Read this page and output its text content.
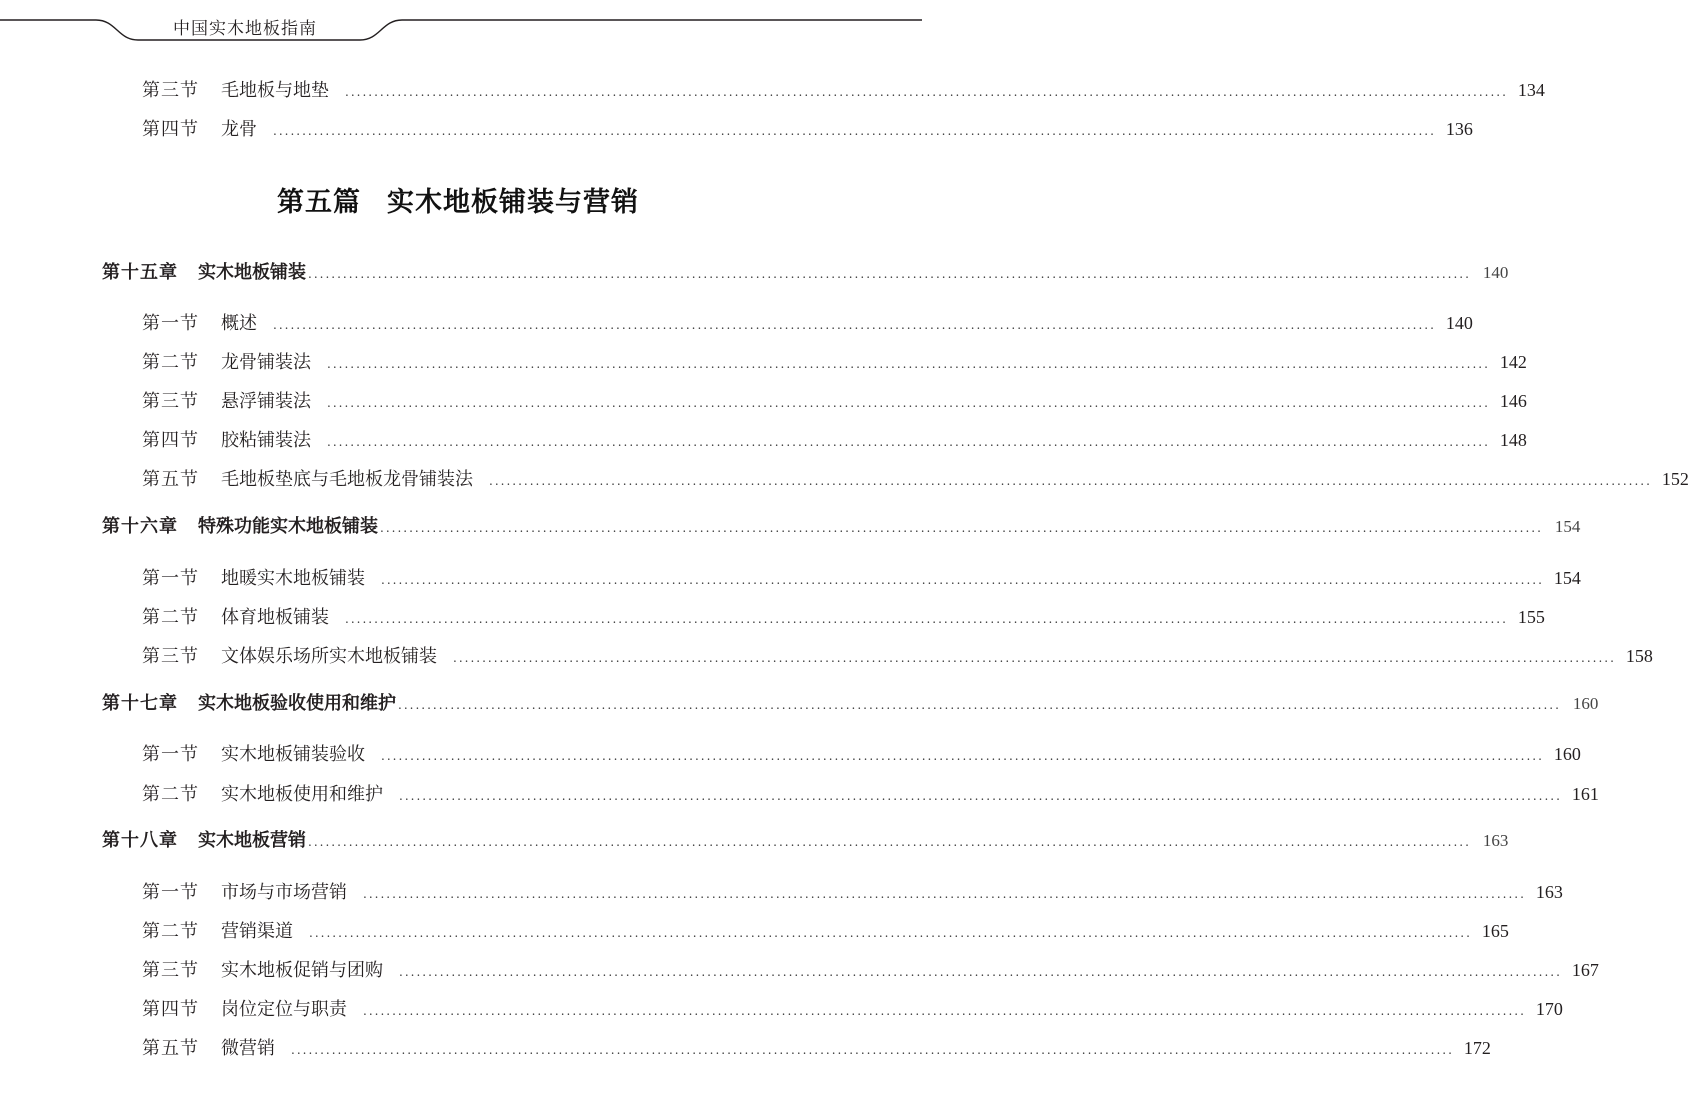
中国实木地板指南
第三节	毛地板与地垫 ........................................................................................................................................................................................................ 134
第四节	龙骨 ........................................................................................................................................................................................................ 136
第五篇 实木地板铺装与营销
第十五章 实木地板铺装 ........................................................................................................................................................................................................ 140
第一节	概述 ........................................................................................................................................................................................................ 140
第二节	龙骨铺装法 ........................................................................................................................................................................................................ 142
第三节	悬浮铺装法 ........................................................................................................................................................................................................ 146
第四节	胶粘铺装法 ........................................................................................................................................................................................................ 148
第五节	毛地板垫底与毛地板龙骨铺装法 ........................................................................................................................................................................................................ 152
第十六章 特殊功能实木地板铺装 ........................................................................................................................................................................................................ 154
第一节	地暖实木地板铺装 ........................................................................................................................................................................................................ 154
第二节	体育地板铺装 ........................................................................................................................................................................................................ 155
第三节	文体娱乐场所实木地板铺装 ........................................................................................................................................................................................................ 158
第十七章 实木地板验收使用和维护 ........................................................................................................................................................................................................ 160
第一节	实木地板铺装验收 ........................................................................................................................................................................................................ 160
第二节	实木地板使用和维护 ........................................................................................................................................................................................................ 161
第十八章 实木地板营销 ........................................................................................................................................................................................................ 163
第一节	市场与市场营销 ........................................................................................................................................................................................................ 163
第二节	营销渠道 ........................................................................................................................................................................................................ 165
第三节	实木地板促销与团购 ........................................................................................................................................................................................................ 167
第四节	岗位定位与职责 ........................................................................................................................................................................................................ 170
第五节	微营销 ........................................................................................................................................................................................................ 172
